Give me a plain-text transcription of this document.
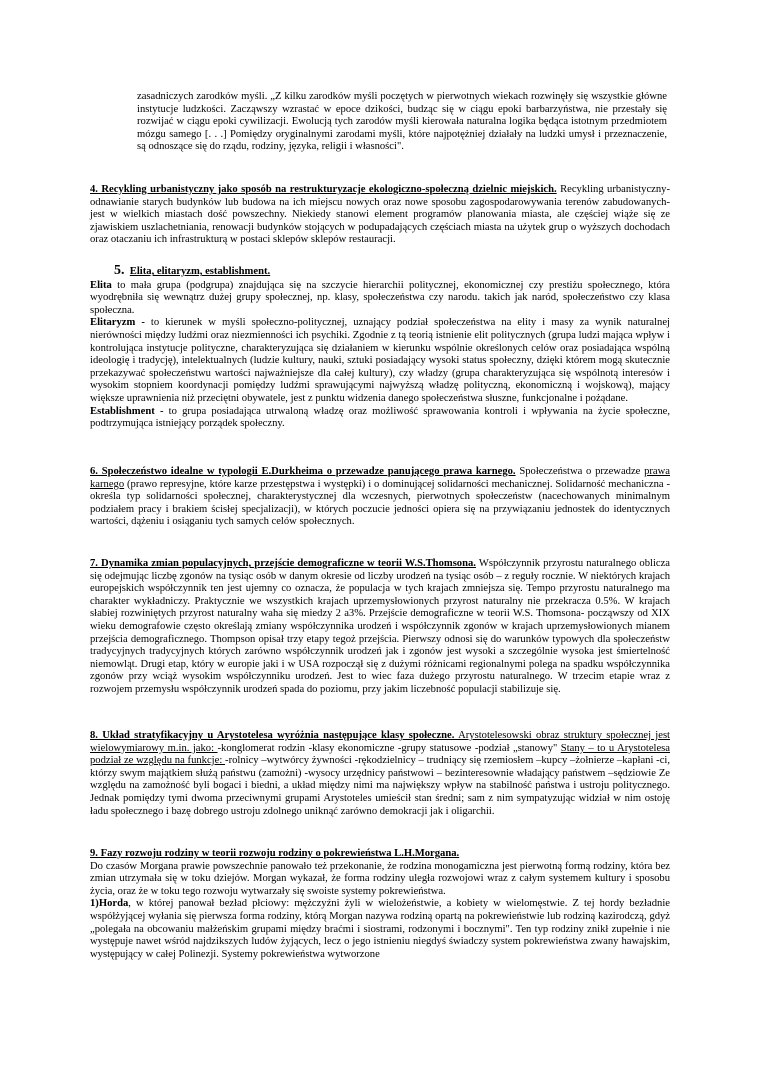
zasadniczych zarodków myśli. „Z kilku zarodków myśli poczętych w pierwotnych wiekach rozwinęły się wszystkie główne instytucje ludzkości. Zacząwszy wzrastać w epoce dzikości, budząc się w ciągu epoki barbarzyństwa, nie przestały się rozwijać w ciągu epoki cywilizacji. Ewolucją tych zarodów myśli kierowała naturalna logika będąca istotnym przedmiotem mózgu samego [. . .] Pomiędzy oryginalnymi zarodami myśli, które najpotężniej działały na ludzki umysł i przeznaczenie, są odnoszące się do rządu, rodziny, języka, religii i własności".

4. Recykling urbanistyczny jako sposób na restrukturyzacje ekologiczno-społeczną dzielnic miejskich. Recykling urbanistyczny- odnawianie starych budynków lub budowa na ich miejscu nowych oraz nowe sposobu zagospodarowywania terenów zabudowanych- jest w wielkich miastach dość powszechny. Niekiedy stanowi element programów planowania miasta, ale częściej wiąże się ze zjawiskiem uszlachetniania, renowacji budynków stojących w podupadających częściach miasta na użytek grup o wyższych dochodach oraz otaczaniu ich infrastrukturą w postaci sklepów sklepów restauracji.

5. Elita, elitaryzm, establishment.

Elita to mała grupa (podgrupa) znajdująca się na szczycie hierarchii politycznej, ekonomicznej czy prestiżu społecznego, która wyodrębniła się wewnątrz dużej grupy społecznej, np. klasy, społeczeństwa czy narodu. takich jak naród, społeczeństwo czy klasa społeczna.

Elitaryzm - to kierunek w myśli społeczno-politycznej, uznający podział społeczeństwa na elity i masy za wynik naturalnej nierówności między ludźmi oraz niezmienności ich psychiki. Zgodnie z tą teorią istnienie elit politycznych (grupa ludzi mająca wpływ i kontrolująca instytucje polityczne, charakteryzująca się działaniem w kierunku wspólnie określonych celów oraz posiadająca wspólną ideologię i tradycję), intelektualnych (ludzie kultury, nauki, sztuki posiadający wysoki status społeczny, dzięki którem mogą skutecznie przekazywać społeczeństwu wartości najważniejsze dla całej kultury), czy władzy (grupa charakteryzująca się wspólnotą interesów i wysokim stopniem koordynacji pomiędzy ludźmi sprawującymi najwyższą władzę polityczną, ekonomiczną i wojskową), mający większe uprawnienia niż przeciętni obywatele, jest z punktu widzenia danego społeczeństwa słuszne, funkcjonalne i pożądane.

Establishment - to grupa posiadająca utrwaloną władzę oraz możliwość sprawowania kontroli i wpływania na życie społeczne, podtrzymująca istniejący porządek społeczny.

6. Społeczeństwo idealne w typologii E.Durkheima o przewadze panującego prawa karnego. Społeczeństwa o przewadze prawa karnego (prawo represyjne, które karze przestępstwa i występki) i o dominującej solidarności mechanicznej. Solidarność mechaniczna - określa typ solidarności społecznej, charakterystycznej dla wczesnych, pierwotnych społeczeństw (nacechowanych minimalnym podziałem pracy i brakiem ścisłej specjalizacji), w których poczucie jedności opiera się na przywiązaniu jednostek do identycznych wartości, dążeniu i osiąganiu tych samych celów społecznych.

7. Dynamika zmian populacyjnych, przejście demograficzne w teorii W.S.Thomsona. Współczynnik przyrostu naturalnego oblicza się odejmując liczbę zgonów na tysiąc osób w danym okresie od liczby urodzeń na tysiąc osób – z reguły rocznie. W niektórych krajach europejskich współczynnik ten jest ujemny co oznacza, że populacja w tych krajach zmniejsza się. Tempo przyrostu naturalnego ma charakter wykładniczy. Praktycznie we wszystkich krajach uprzemysłowionych przyrost naturalny nie przekracza 0.5%. W krajach słabiej rozwiniętych przyrost naturalny waha się miedzy 2 a3%. Przejście demograficzne w teorii W.S. Thomsona- począwszy od XIX wieku demografowie często określają zmiany współczynnika urodzeń i współczynnik zgonów w krajach uprzemysłowionych mianem przejścia demograficznego. Thompson opisał trzy etapy tegoż przejścia. Pierwszy odnosi się do warunków typowych dla społeczeństw tradycyjnych tradycyjnych których zarówno współczynnik urodzeń jak i zgonów jest wysoki a szczególnie wysoka jest śmiertelność niemowląt. Drugi etap, który w europie jaki i w USA rozpoczął się z dużymi różnicami regionalnymi polega na spadku współczynnika zgonów przy wciąż wysokim współczynniku urodzeń. Jest to wiec faza dużego przyrostu naturalnego. W trzecim etapie wraz z rozwojem przemysłu współczynnik urodzeń spada do poziomu, przy jakim liczebność populacji stabilizuje się.

8. Układ stratyfikacyjny u Arystotelesa wyróżnia następujące klasy społeczne. Arystotelesowski obraz struktury społecznej jest wielowymiarowy m.in. jako: -konglomerat rodzin -klasy ekonomiczne -grupy statusowe -podział „stanowy" Stany – to u Arystotelesa podział ze względu na funkcje: -rolnicy –wytwórcy żywności -rękodzielnicy – trudniący się rzemiosłem –kupcy –żołnierze –kapłani -ci, którzy swym majątkiem służą państwu (zamożni) -wysocy urzędnicy państwowi – bezinteresownie władający państwem –sędziowie Ze względu na zamożność byli bogaci i biedni, a układ między nimi ma największy wpływ na stabilność państwa i ustroju politycznego. Jednak pomiędzy tymi dwoma przeciwnymi grupami Arystoteles umieścił stan średni; sam z nim sympatyzując widział w nim ostoję ładu społecznego i bazę dobrego ustroju zdolnego uniknąć zarówno demokracji jak i oligarchii.

9. Fazy rozwoju rodziny w teorii rozwoju rodziny o pokrewieństwa L.H.Morgana.

Do czasów Morgana prawie powszechnie panowało też przekonanie, że rodzina monogamiczna jest pierwotną formą rodziny, która bez zmian utrzymała się w toku dziejów. Morgan wykazał, że forma rodziny uległa rozwojowi wraz z całym systemem kultury i sposobu życia, oraz że w toku tego rozwoju wytwarzały się swoiste systemy pokrewieństwa.

1)Horda, w której panował bezład płciowy: mężczyźni żyli w wielożeństwie, a kobiety w wielomęstwie. Z tej hordy bezładnie współżyjącej wyłania się pierwsza forma rodziny, którą Morgan nazywa rodziną opartą na pokrewieństwie lub rodziną kazirodczą, gdyż „polegała na obcowaniu małżeńskim grupami między braćmi i siostrami, rodzonymi i bocznymi". Ten typ rodziny znikł zupełnie i nie występuje nawet wśród najdzikszych ludów żyjących, lecz o jego istnieniu niegdyś świadczy system pokrewieństwa zwany hawajskim, występujący w całej Polinezji. Systemy pokrewieństwa wytworzone
